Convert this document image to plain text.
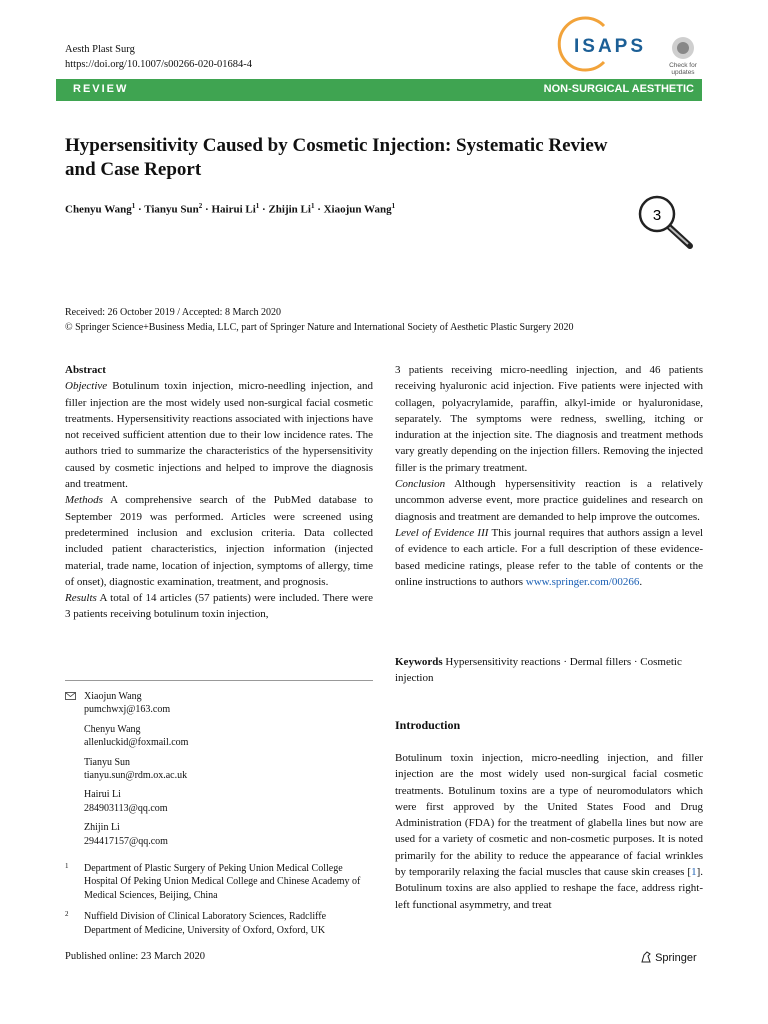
Aesth Plast Surg
https://doi.org/10.1007/s00266-020-01684-4
ISAPS
Check for
updates
REVIEW	NON-SURGICAL AESTHETIC
Hypersensitivity Caused by Cosmetic Injection: Systematic Review and Case Report
Chenyu Wang$^1$ · Tianyu Sun$^2$ · Hairui $Li^1$ · Zhijin $Li^1$ · Xiaojun Wang$^1$
3
Received: 26 October 2019 / Accepted: 8 March 2020
© Springer Science+Business Media, LLC, part of Springer Nature and International Society of Aesthetic Plastic Surgery 2020

Abstract

Objective Botulinum toxin injection, micro-needling injection, and filler injection are the most widely used non-surgical facial cosmetic treatments. Hypersensitivity reactions associated with injections have not received sufficient attention due to their low incidence rates. The authors tried to summarize the characteristics of the hypersensitivity caused by cosmetic injections and helped to improve the diagnosis and treatment.

Methods A comprehensive search of the PubMed database to September 2019 was performed. Articles were screened using predetermined inclusion and exclusion criteria. Data collected included patient characteristics, injection information (injected material, trade name, location of injection, symptoms of allergy, time of onset), diagnostic examination, treatment, and prognosis.

Results A total of 14 articles (57 patients) were included. There were 3 patients receiving botulinum toxin injection,

Xiaojun Wang
pumchwxj@163.com
Chenyu Wang
allenluckid@foxmail.com
Tianyu Sun
tianyu.sun@rdm.ox.ac.uk
Hairui Li
284903113@qq.com
Zhijin Li
294417157@qq.com
1 Department of Plastic Surgery of Peking Union Medical College Hospital Of Peking Union Medical College and Chinese Academy of Medical Sciences, Beijing, China
2 Nuffield Division of Clinical Laboratory Sciences, Radcliffe Department of Medicine, University of Oxford, Oxford, UK

3 patients receiving micro-needling injection, and 46 patients receiving hyaluronic acid injection. Five patients were injected with collagen, polyacrylamide, paraffin, alkyl-imide or hyaluronidase, separately. The symptoms were redness, swelling, itching or induration at the injection site. The diagnosis and treatment methods vary greatly depending on the injection fillers. Removing the injected filler is the primary treatment.

Conclusion Although hypersensitivity reaction is a relatively uncommon adverse event, more practice guidelines and research on diagnosis and treatment are demanded to help improve the outcomes.

Level of Evidence III This journal requires that authors assign a level of evidence to each article. For a full description of these evidence-based medicine ratings, please refer to the table of contents or the online instructions to authors www.springer.com/00266.

Keywords Hypersensitivity reactions · Dermal fillers · Cosmetic injection
Introduction
Botulinum toxin injection, micro-needling injection, and filler injection are the most widely used non-surgical facial cosmetic treatments. Botulinum toxins are a type of neuromodulators which were first approved by the United States Food and Drug Administration (FDA) for the treatment of glabella lines but now are used for a variety of cosmetic and non-cosmetic purposes. It is noted primarily for the ability to reduce the appearance of facial wrinkles by temporarily relaxing the facial muscles that cause skin creases [1]. Botulinum toxins are also applied to reshape the face, address right-left functional asymmetry, and treat
Published online: 23 March 2020	Springer
